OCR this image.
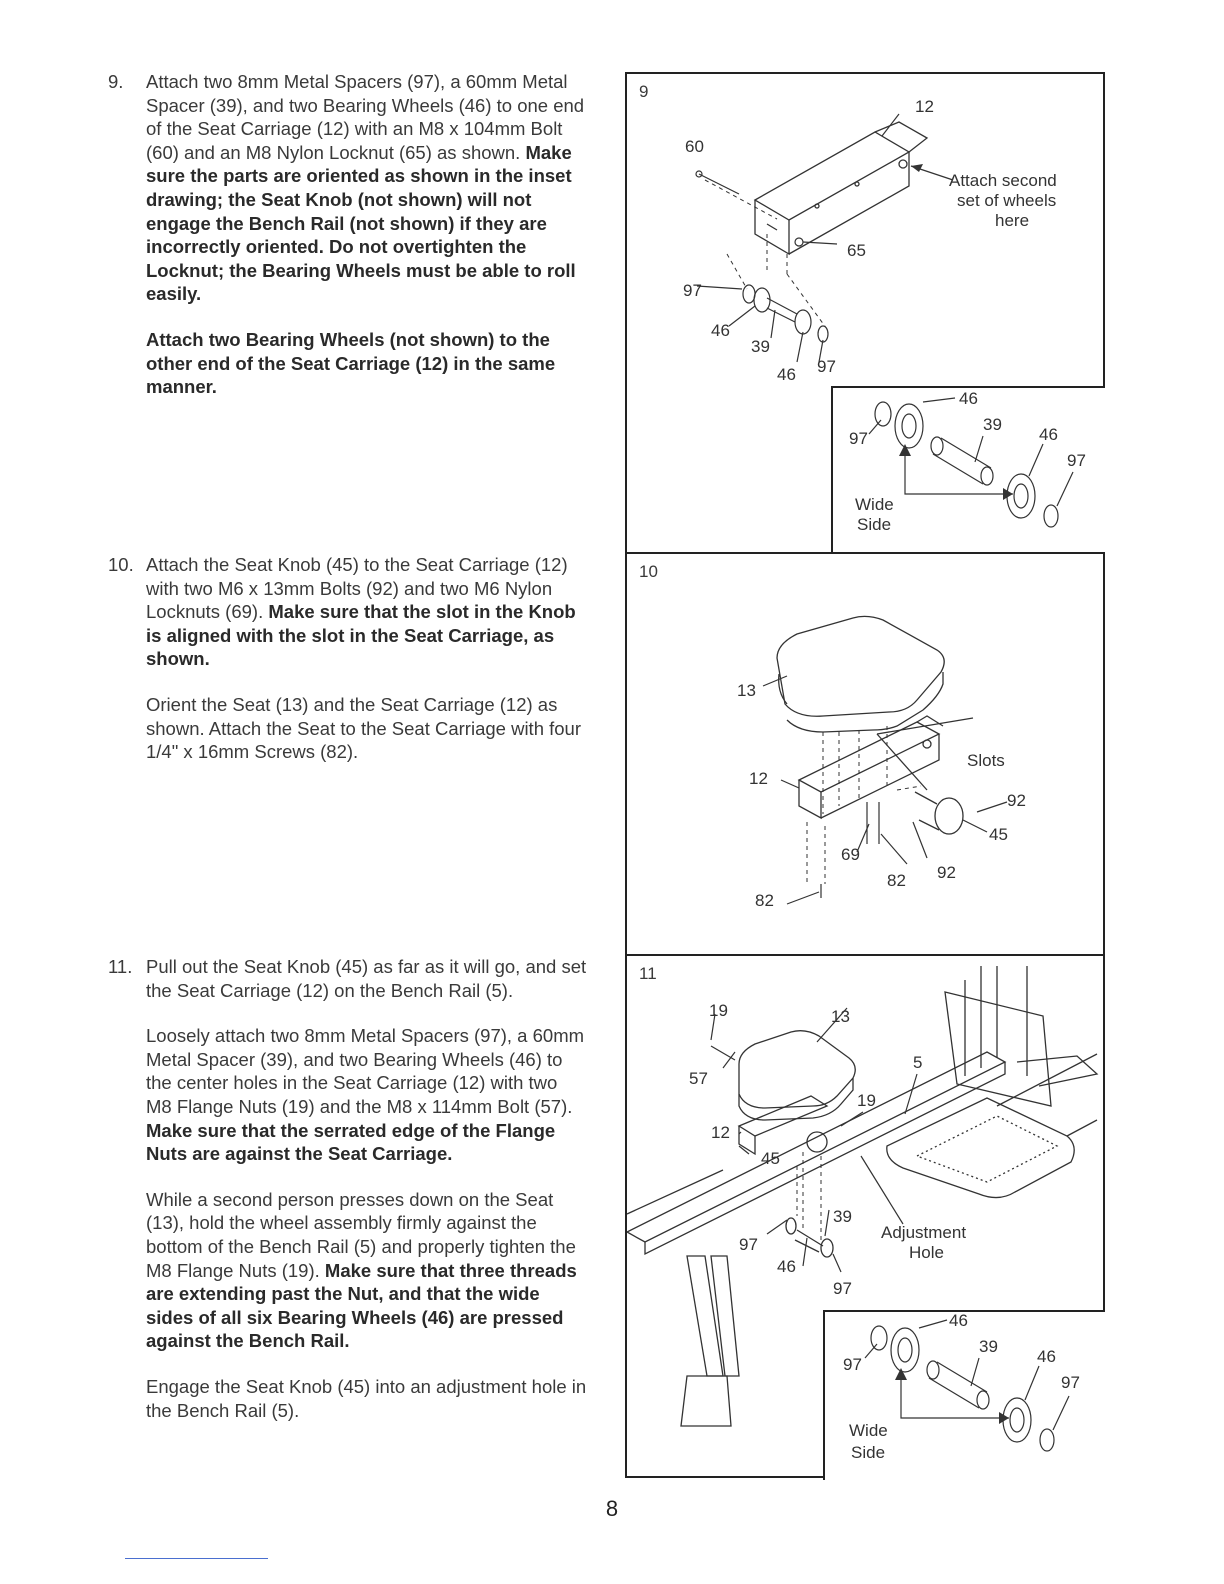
9. Attach two 8mm Metal Spacers (97), a 60mm Metal Spacer (39), and two Bearing Wheels (46) to one end of the Seat Carriage (12) with an M8 x 104mm Bolt (60) and an M8 Nylon Locknut (65) as shown. Make sure the parts are oriented as shown in the inset drawing; the Seat Knob (not shown) will not engage the Bench Rail (not shown) if they are incorrectly oriented. Do not overtighten the Locknut; the Bearing Wheels must be able to roll easily.

Attach two Bearing Wheels (not shown) to the other end of the Seat Carriage (12) in the same manner.

10. Attach the Seat Knob (45) to the Seat Carriage (12) with two M6 x 13mm Bolts (92) and two M6 Nylon Locknuts (69). Make sure that the slot in the Knob is aligned with the slot in the Seat Carriage, as shown.

Orient the Seat (13) and the Seat Carriage (12) as shown. Attach the Seat to the Seat Carriage with four 1/4" x 16mm Screws (82).

11. Pull out the Seat Knob (45) as far as it will go, and set the Seat Carriage (12) on the Bench Rail (5).

Loosely attach two 8mm Metal Spacers (97), a 60mm Metal Spacer (39), and two Bearing Wheels (46) to the center holes in the Seat Carriage (12) with two M8 Flange Nuts (19) and the M8 x 114mm Bolt (57). Make sure that the serrated edge of the Flange Nuts are against the Seat Carriage.

While a second person presses down on the Seat (13), hold the wheel assembly firmly against the bottom of the Bench Rail (5) and properly tighten the M8 Flange Nuts (19). Make sure that three threads are extending past the Nut, and that the wide sides of all six Bearing Wheels (46) are pressed against the Bench Rail.

Engage the Seat Knob (45) into an adjustment hole in the Bench Rail (5).

9
12
60
65
97
46
39
46 97
Attach second
set of wheels
here
46
97
39
46
97
Wide
Side
10
13
12
Slots
92
45
69
82 92
82
11
19	13
57
5
19
12
45
39
97
46
97
Adjustment
Hole
46
97
39
46
97
Wide
Side
8
